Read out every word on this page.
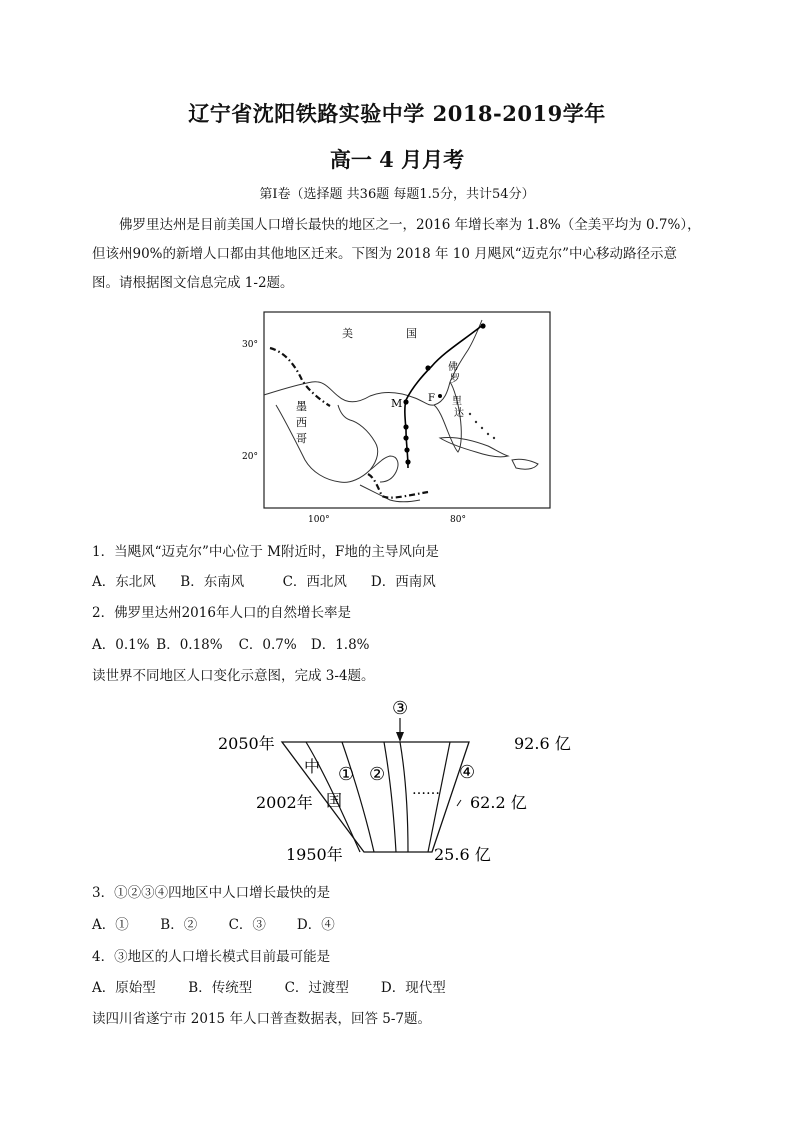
辽宁省沈阳铁路实验中学 2018-2019学年
高一 4 月月考
第Ⅰ卷（选择题 共36题 每题1.5分，共计54分）
佛罗里达州是目前美国人口增长最快的地区之一，2016 年增长率为 1.8%（全美平均为 0.7%），
但该州90%的新增人口都由其他地区迁来。下图为 2018 年 10 月飓风“迈克尔”中心移动路径示意
图。请根据图文信息完成 1-2题。
美	国
墨
西
哥
佛
罗
里
达
M	F
30°
20°
100°	80°
1．当飓风“迈克尔”中心位于 M附近时，F地的主导风向是
A．东北风 B．东南风	C．西北风 D．西南风
2．佛罗里达州2016年人口的自然增长率是
A．0.1% B．0.18% C．0.7% D．1.8%
读世界不同地区人口变化示意图，完成 3-4题。
③
2050年
2002年
1950年
92.6 亿
62.2 亿
25.6 亿
中
国
① ②	④
……
3．①②③④四地区中人口增长最快的是
A．① B．② C．③ D．④
4．③地区的人口增长模式目前最可能是
A．原始型 B．传统型 C．过渡型 D．现代型
读四川省遂宁市 2015 年人口普查数据表，回答 5-7题。
